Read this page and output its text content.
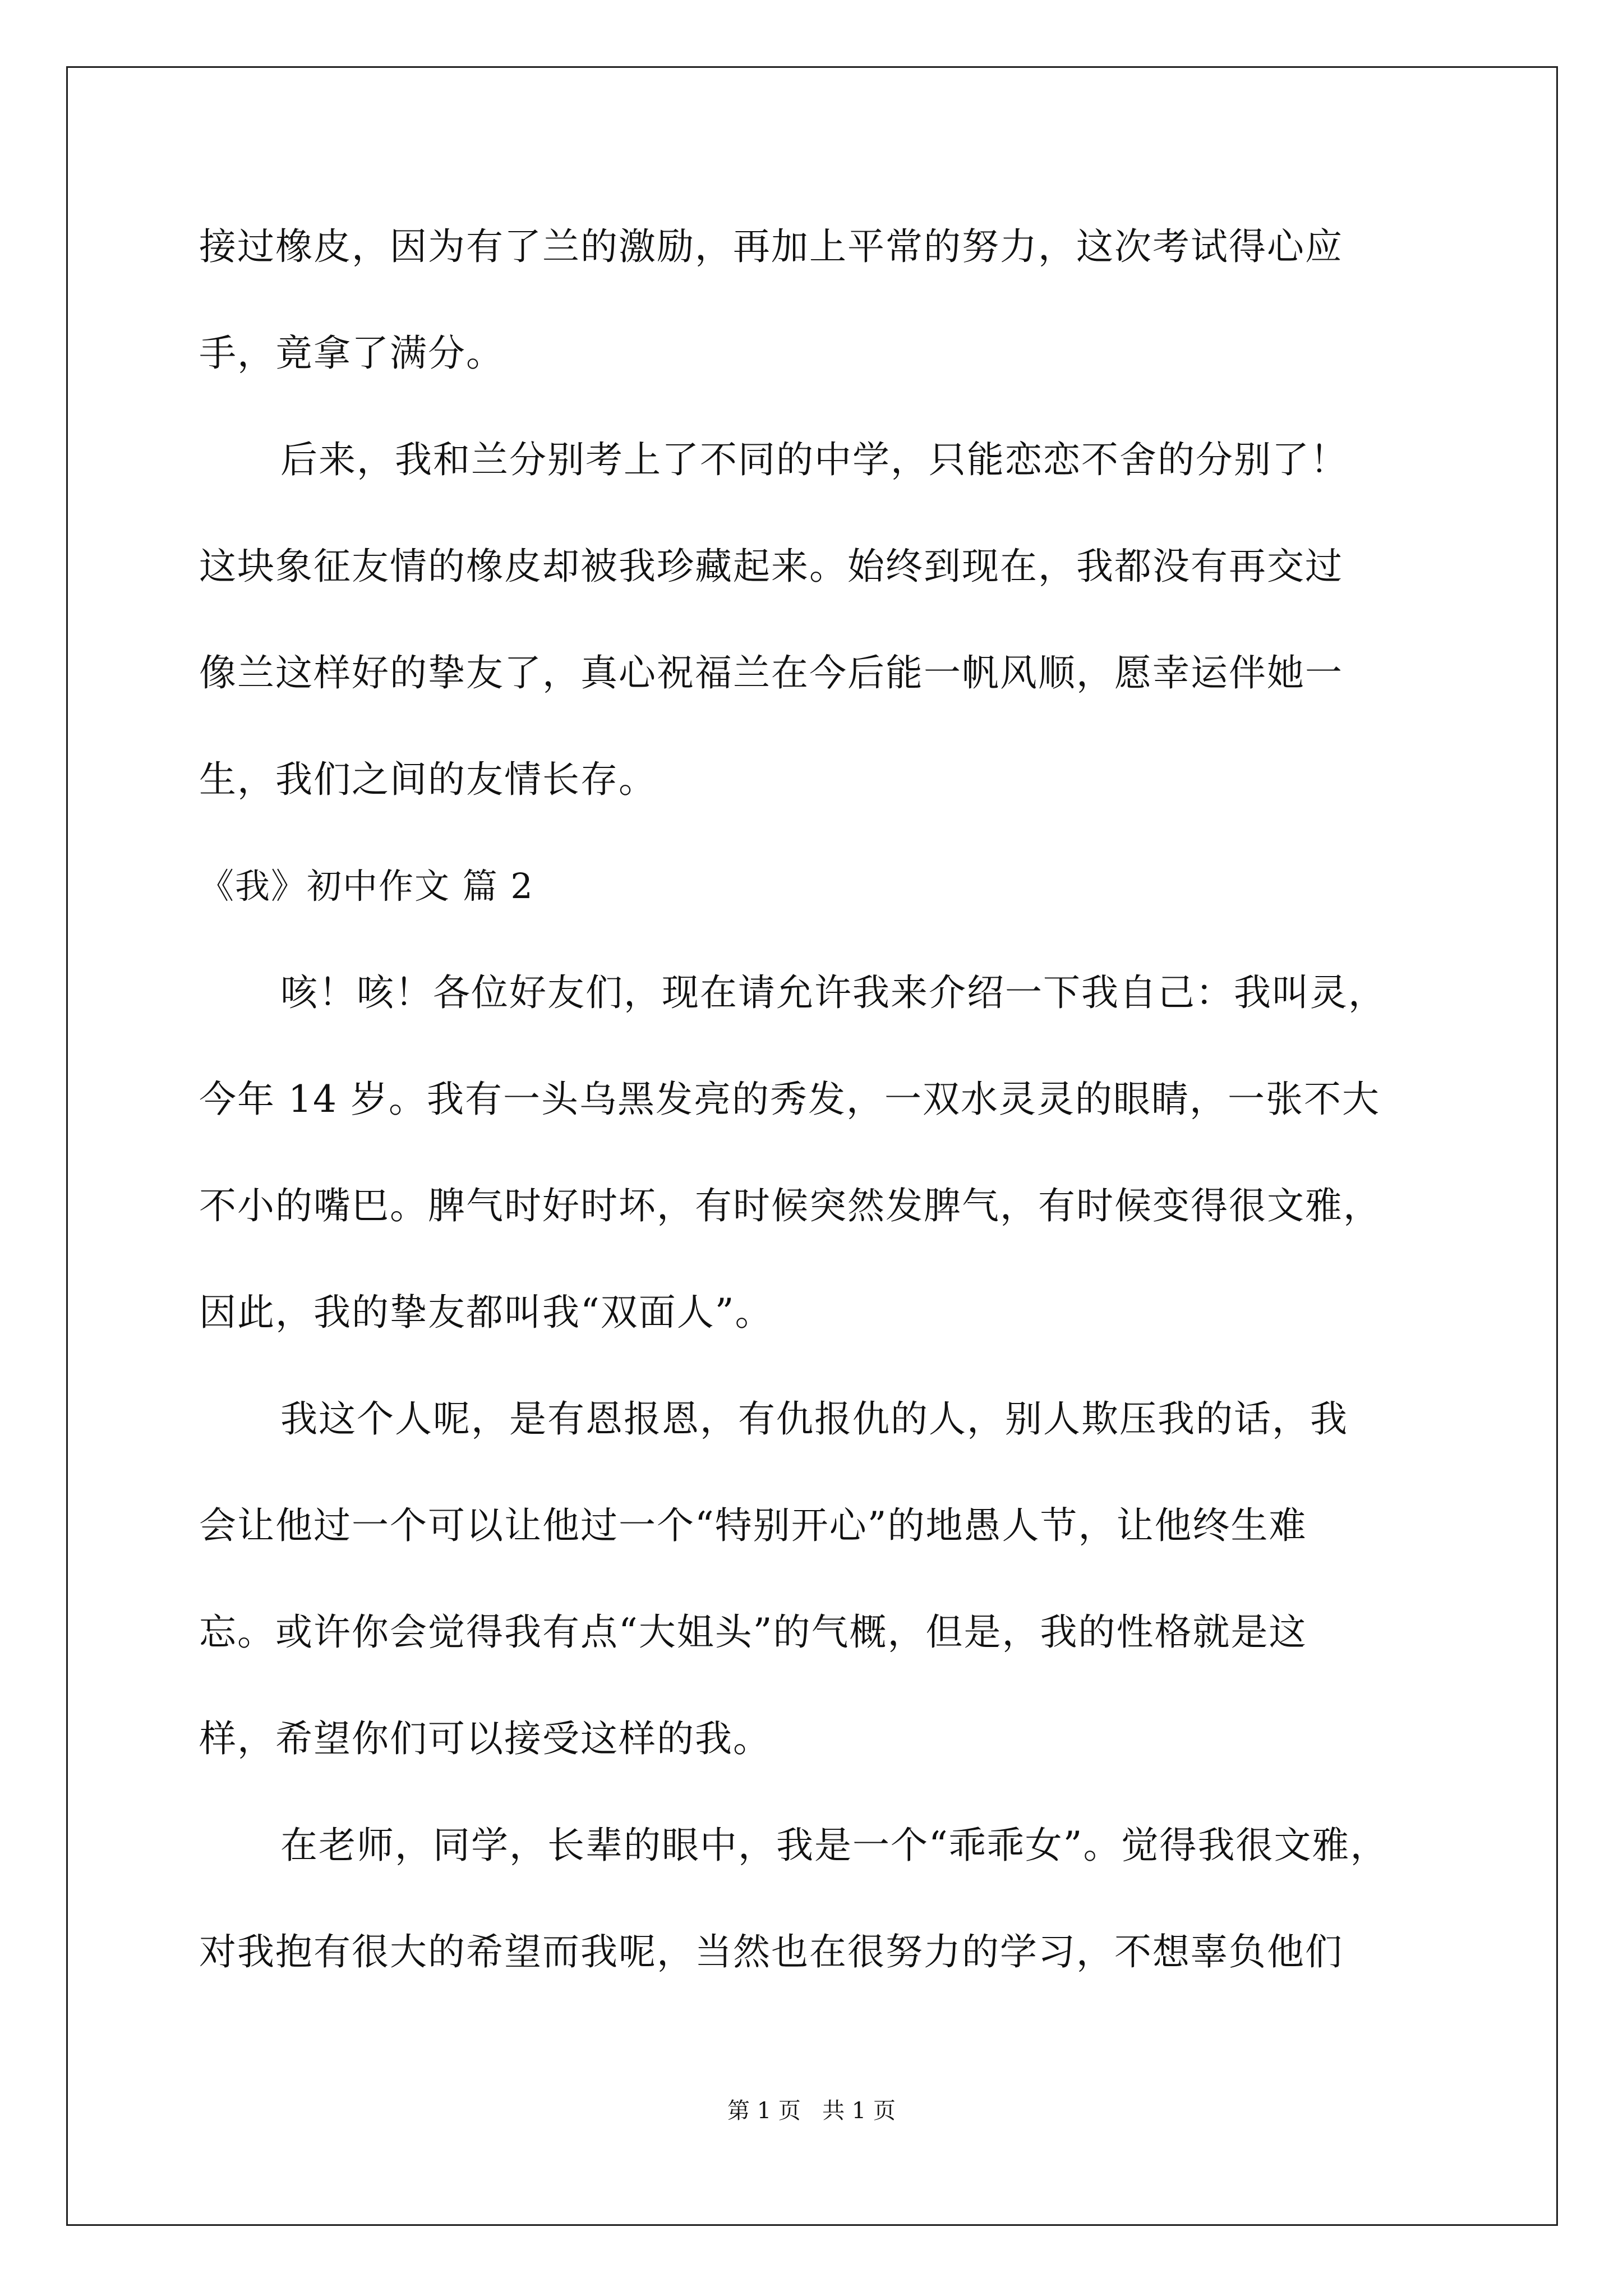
接过橡皮，因为有了兰的激励，再加上平常的努力，这次考试得心应
手，竟拿了满分。
后来，我和兰分别考上了不同的中学，只能恋恋不舍的分别了！
这块象征友情的橡皮却被我珍藏起来。始终到现在，我都没有再交过
像兰这样好的挚友了，真心祝福兰在今后能一帆风顺，愿幸运伴她一
生，我们之间的友情长存。
《我》初中作文 篇 2
咳！咳！各位好友们，现在请允许我来介绍一下我自己：我叫灵，
今年 14 岁。我有一头乌黑发亮的秀发，一双水灵灵的眼睛，一张不大
不小的嘴巴。脾气时好时坏，有时候突然发脾气，有时候变得很文雅，
因此，我的挚友都叫我“双面人”。
我这个人呢，是有恩报恩，有仇报仇的人，别人欺压我的话，我
会让他过一个可以让他过一个“特别开心”的地愚人节，让他终生难
忘。或许你会觉得我有点“大姐头”的气概，但是，我的性格就是这
样，希望你们可以接受这样的我。
在老师，同学，长辈的眼中，我是一个“乖乖女”。觉得我很文雅，
对我抱有很大的希望而我呢，当然也在很努力的学习，不想辜负他们
第 1 页   共 1 页
